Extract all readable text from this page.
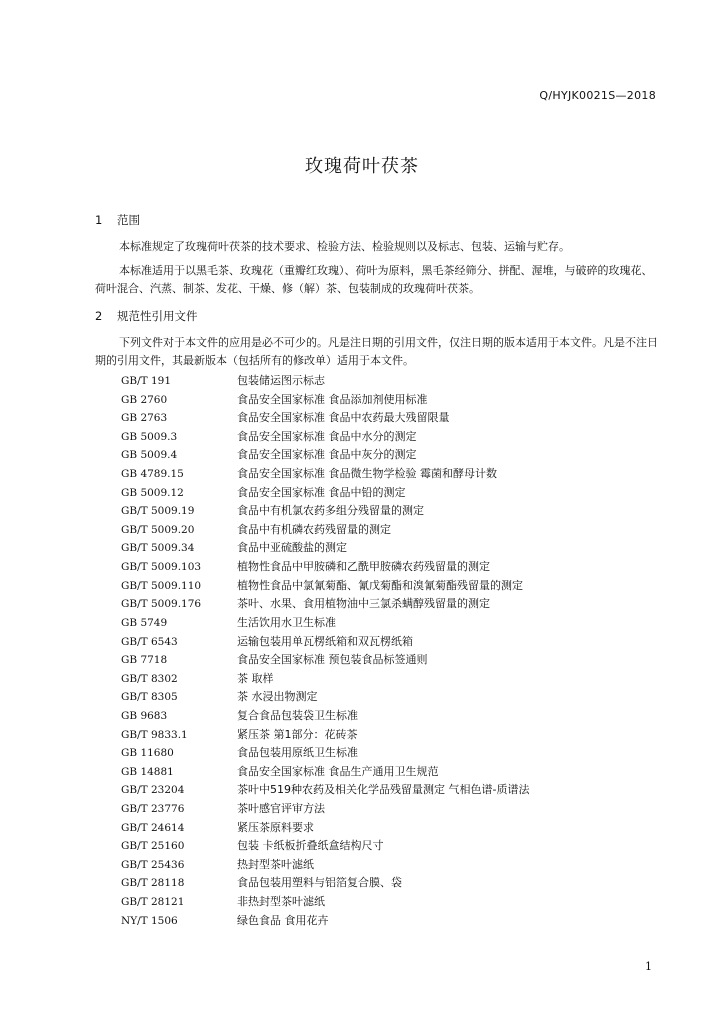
Q/HYJK0021S—2018
玫瑰荷叶茯茶
1 范围
本标准规定了玫瑰荷叶茯茶的技术要求、检验方法、检验规则以及标志、包装、运输与贮存。
本标准适用于以黑毛茶、玫瑰花（重瓣红玫瑰）、荷叶为原料，黑毛茶经筛分、拼配、渥堆，与破碎的玫瑰花、荷叶混合、汽蒸、制茶、发花、干燥、修（解）茶、包装制成的玫瑰荷叶茯茶。
2 规范性引用文件
下列文件对于本文件的应用是必不可少的。凡是注日期的引用文件，仅注日期的版本适用于本文件。凡是不注日期的引用文件，其最新版本（包括所有的修改单）适用于本文件。
GB/T 191	包装储运图示标志
GB 2760	食品安全国家标准 食品添加剂使用标准
GB 2763	食品安全国家标准 食品中农药最大残留限量
GB 5009.3	食品安全国家标准 食品中水分的测定
GB 5009.4	食品安全国家标准 食品中灰分的测定
GB 4789.15	食品安全国家标准 食品微生物学检验 霉菌和酵母计数
GB 5009.12	食品安全国家标准 食品中铅的测定
GB/T 5009.19	食品中有机氯农药多组分残留量的测定
GB/T 5009.20	食品中有机磷农药残留量的测定
GB/T 5009.34	食品中亚硫酸盐的测定
GB/T 5009.103	植物性食品中甲胺磷和乙酰甲胺磷农药残留量的测定
GB/T 5009.110	植物性食品中氯氰菊酯、氰戊菊酯和溴氰菊酯残留量的测定
GB/T 5009.176	茶叶、水果、食用植物油中三氯杀螨醇残留量的测定
GB 5749	生活饮用水卫生标准
GB/T 6543	运输包装用单瓦楞纸箱和双瓦楞纸箱
GB 7718	食品安全国家标准 预包装食品标签通则
GB/T 8302	茶 取样
GB/T 8305	茶 水浸出物测定
GB 9683	复合食品包装袋卫生标准
GB/T 9833.1	紧压茶 第1部分：花砖茶
GB 11680	食品包装用原纸卫生标准
GB 14881	食品安全国家标准 食品生产通用卫生规范
GB/T 23204	茶叶中519种农药及相关化学品残留量测定 气相色谱-质谱法
GB/T 23776	茶叶感官评审方法
GB/T 24614	紧压茶原料要求
GB/T 25160	包装 卡纸板折叠纸盒结构尺寸
GB/T 25436	热封型茶叶滤纸
GB/T 28118	食品包装用塑料与铝箔复合膜、袋
GB/T 28121	非热封型茶叶滤纸
NY/T 1506	绿色食品 食用花卉
1
